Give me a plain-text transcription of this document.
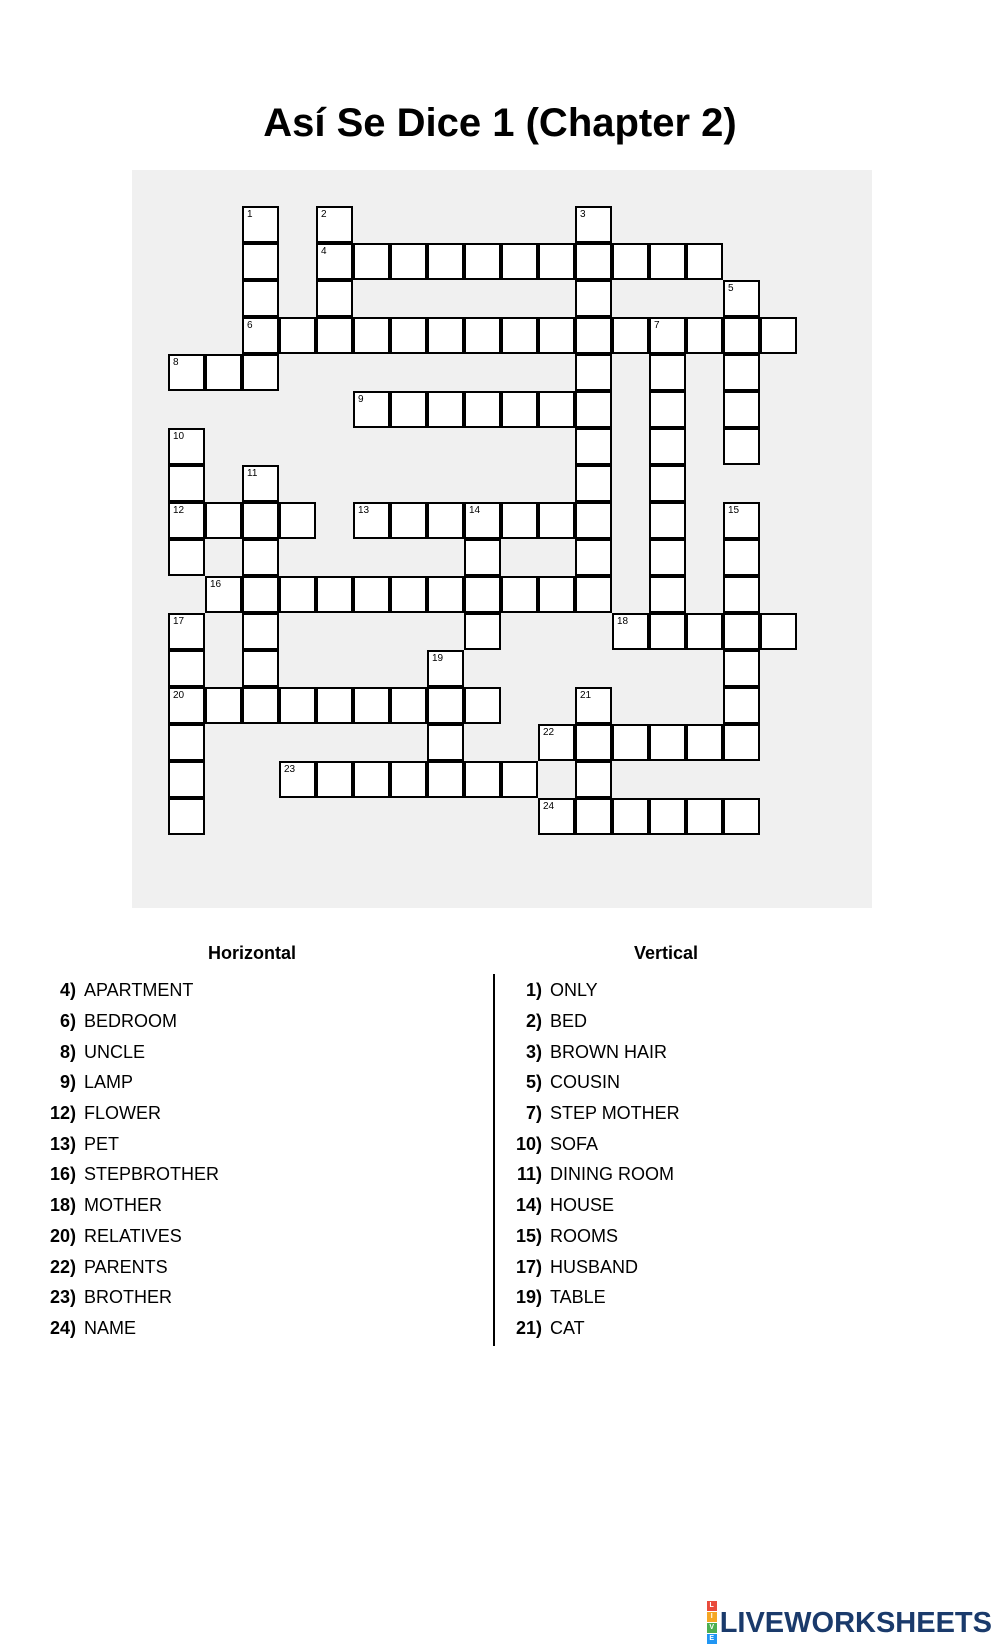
Así Se Dice 1 (Chapter 2)
4
6	7
8
9
12	13	14
16
18
20
22
23
24
1	2	3
5
10
11
15
17
19
21
Horizontal
4) APARTMENT
6) BEDROOM
8) UNCLE
9) LAMP
12) FLOWER
13) PET
16) STEPBROTHER
18) MOTHER
20) RELATIVES
22) PARENTS
23) BROTHER
24) NAME
Vertical
1) ONLY
2) BED
3) BROWN HAIR
5) COUSIN
7) STEP MOTHER
10) SOFA
11) DINING ROOM
14) HOUSE
15) ROOMS
17) HUSBAND
19) TABLE
21) CAT
L
I
V
E LIVEWORKSHEETS
